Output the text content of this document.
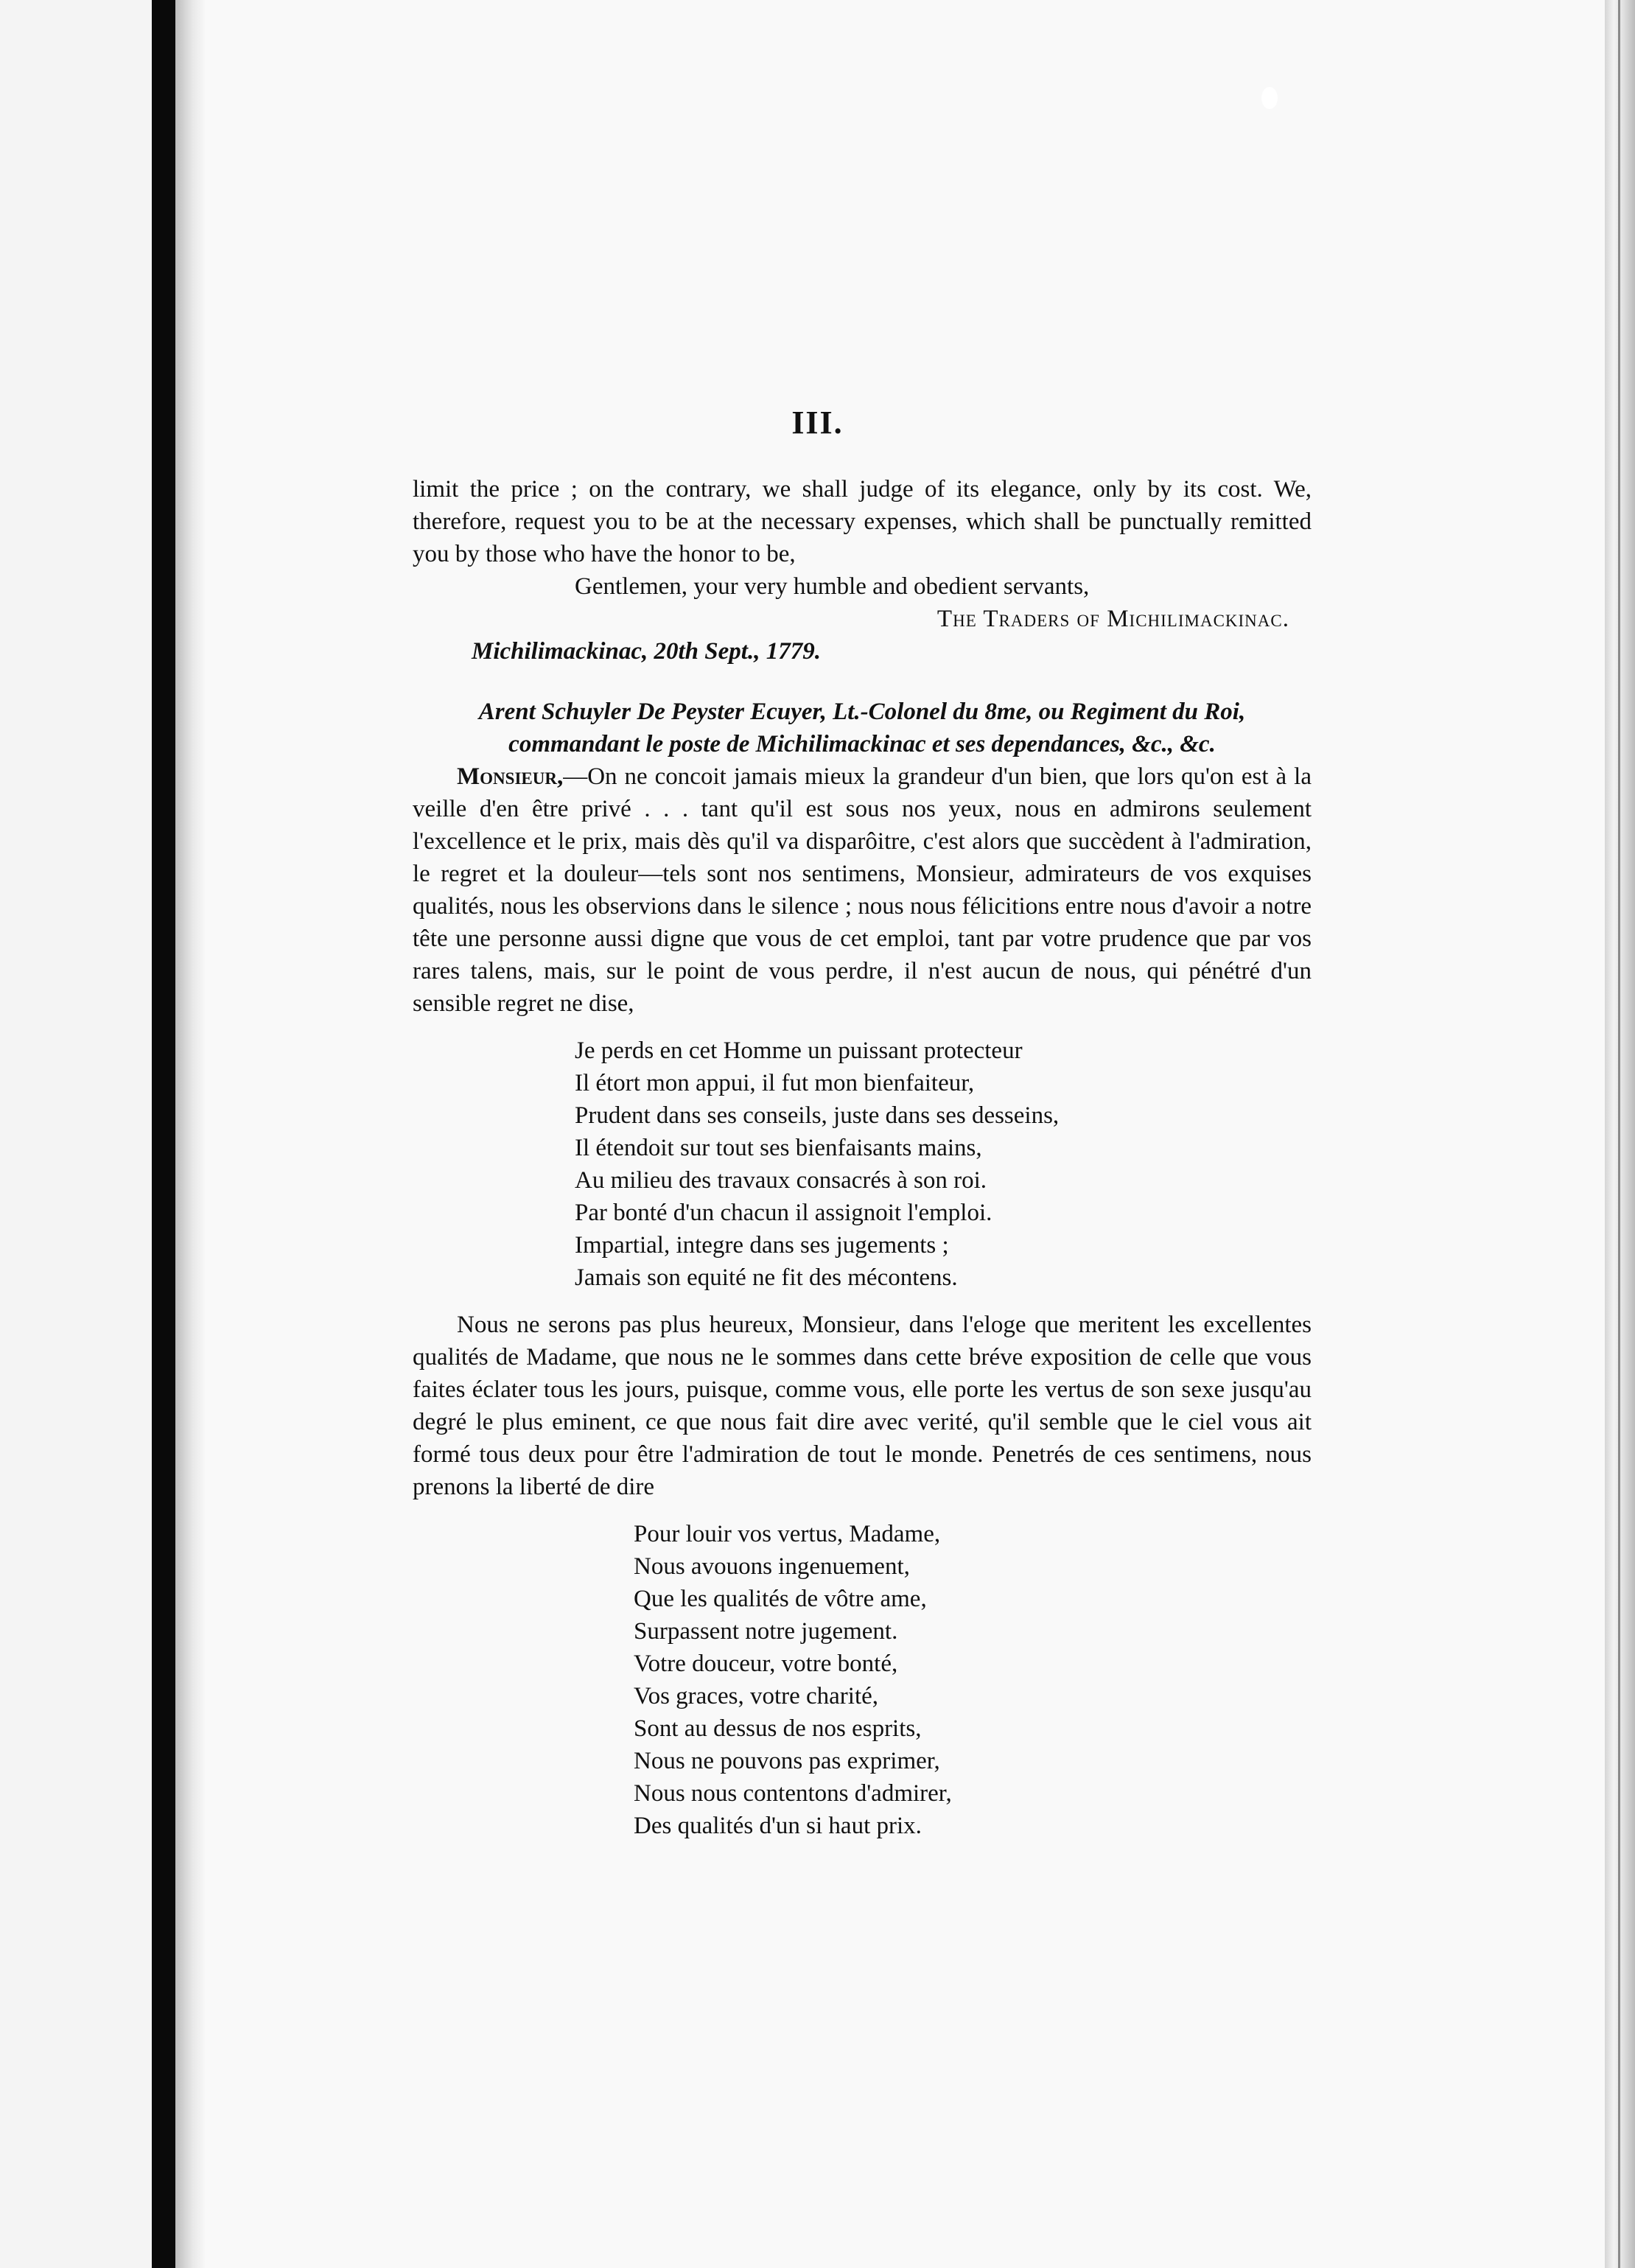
III.

limit the price ; on the contrary, we shall judge of its elegance, only by its cost. We, therefore, request you to be at the necessary expenses, which shall be punctually remitted you by those who have the honor to be,

Gentlemen, your very humble and obedient servants,
The Traders of Michilimackinac.
Michilimackinac, 20th Sept., 1779.
Arent Schuyler De Peyster Ecuyer, Lt.-Colonel du 8me, ou Regiment du Roi,
commandant le poste de Michilimackinac et ses dependances, &c., &c.

Monsieur,—On ne concoit jamais mieux la grandeur d'un bien, que lors qu'on est à la veille d'en être privé . . . tant qu'il est sous nos yeux, nous en admirons seulement l'excellence et le prix, mais dès qu'il va disparôitre, c'est alors que succèdent à l'admiration, le regret et la douleur—tels sont nos sentimens, Monsieur, admirateurs de vos exquises qualités, nous les observions dans le silence ; nous nous félicitions entre nous d'avoir a notre tête une personne aussi digne que vous de cet emploi, tant par votre prudence que par vos rares talens, mais, sur le point de vous perdre, il n'est aucun de nous, qui pénétré d'un sensible regret ne dise,

Je perds en cet Homme un puissant protecteur
Il étort mon appui, il fut mon bienfaiteur,
Prudent dans ses conseils, juste dans ses desseins,
Il étendoit sur tout ses bienfaisants mains,
Au milieu des travaux consacrés à son roi.
Par bonté d'un chacun il assignoit l'emploi.
Impartial, integre dans ses jugements ;
Jamais son equité ne fit des mécontens.

Nous ne serons pas plus heureux, Monsieur, dans l'eloge que meritent les excellentes qualités de Madame, que nous ne le sommes dans cette bréve exposition de celle que vous faites éclater tous les jours, puisque, comme vous, elle porte les vertus de son sexe jusqu'au degré le plus eminent, ce que nous fait dire avec verité, qu'il semble que le ciel vous ait formé tous deux pour être l'admiration de tout le monde. Penetrés de ces sentimens, nous prenons la liberté de dire

Pour louir vos vertus, Madame,
Nous avouons ingenuement,
Que les qualités de vôtre ame,
Surpassent notre jugement.
Votre douceur, votre bonté,
Vos graces, votre charité,
Sont au dessus de nos esprits,
Nous ne pouvons pas exprimer,
Nous nous contentons d'admirer,
Des qualités d'un si haut prix.
